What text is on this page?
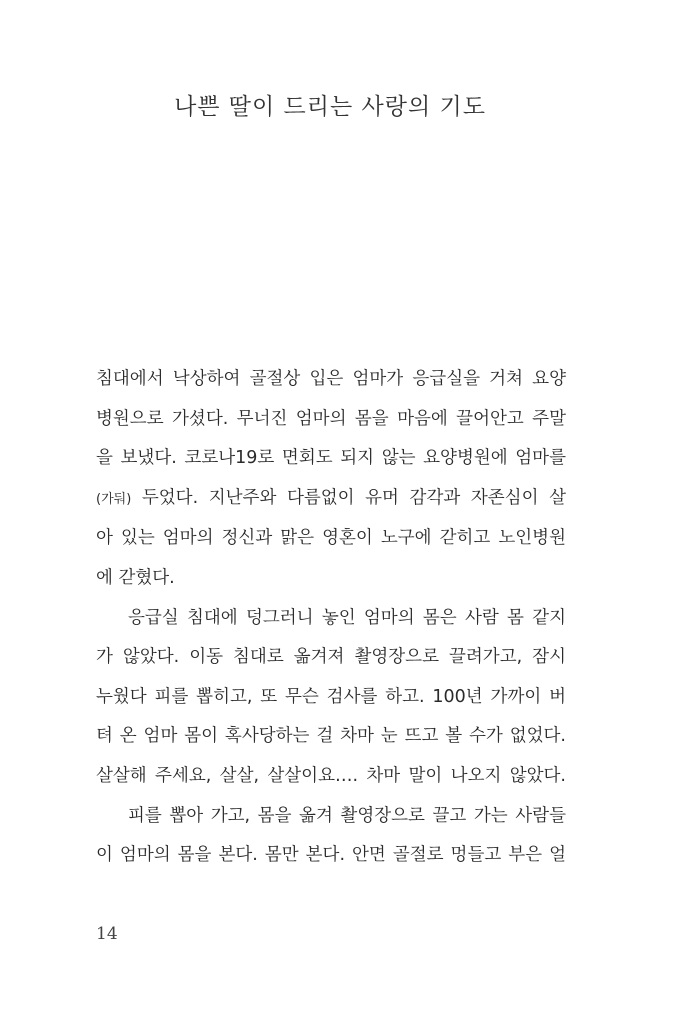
나쁜 딸이 드리는 사랑의 기도
침대에서 낙상하여 골절상 입은 엄마가 응급실을 거쳐 요양
병원으로 가셨다. 무너진 엄마의 몸을 마음에 끌어안고 주말
을 보냈다. 코로나19로 면회도 되지 않는 요양병원에 엄마를
(가둬) 두었다. 지난주와 다름없이 유머 감각과 자존심이 살
아 있는 엄마의 정신과 맑은 영혼이 노구에 갇히고 노인병원
에 갇혔다.
응급실 침대에 덩그러니 놓인 엄마의 몸은 사람 몸 같지
가 않았다. 이동 침대로 옮겨져 촬영장으로 끌려가고, 잠시
누웠다 피를 뽑히고, 또 무슨 검사를 하고. 100년 가까이 버
텨 온 엄마 몸이 혹사당하는 걸 차마 눈 뜨고 볼 수가 없었다.
살살해 주세요, 살살, 살살이요…. 차마 말이 나오지 않았다.
피를 뽑아 가고, 몸을 옮겨 촬영장으로 끌고 가는 사람들
이 엄마의 몸을 본다. 몸만 본다. 안면 골절로 멍들고 부은 얼
14
